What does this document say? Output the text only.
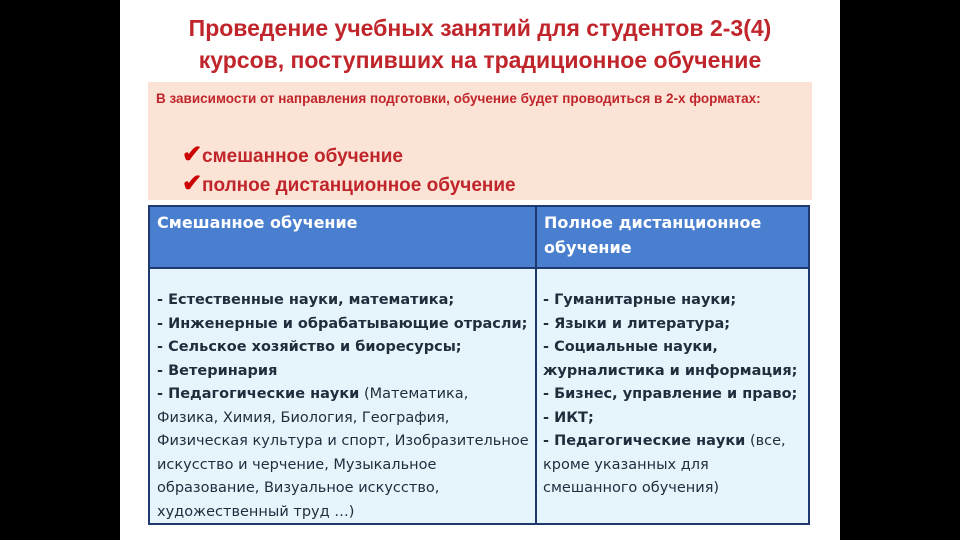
Проведение учебных занятий для студентов 2-3(4)
курсов, поступивших на традиционное обучение
В зависимости от направления подготовки, обучение будет проводиться в 2-х форматах:
✔смешанное обучение
✔полное дистанционное обучение
Смешанное обучение	Полное дистанционное обучение
- Естественные науки, математика;
- Инженерные и обрабатывающие отрасли;
- Сельское хозяйство и биоресурсы;
- Ветеринария
- Педагогические науки (Математика, Физика, Химия, Биология, География, Физическая культура и спорт, Изобразительное искусство и черчение, Музыкальное образование, Визуальное искусство, художественный труд …)
- Гуманитарные науки;
- Языки и литература;
- Социальные науки, журналистика и информация;
- Бизнес, управление и право;
- ИКТ;
- Педагогические науки (все, кроме указанных для смешанного обучения)
